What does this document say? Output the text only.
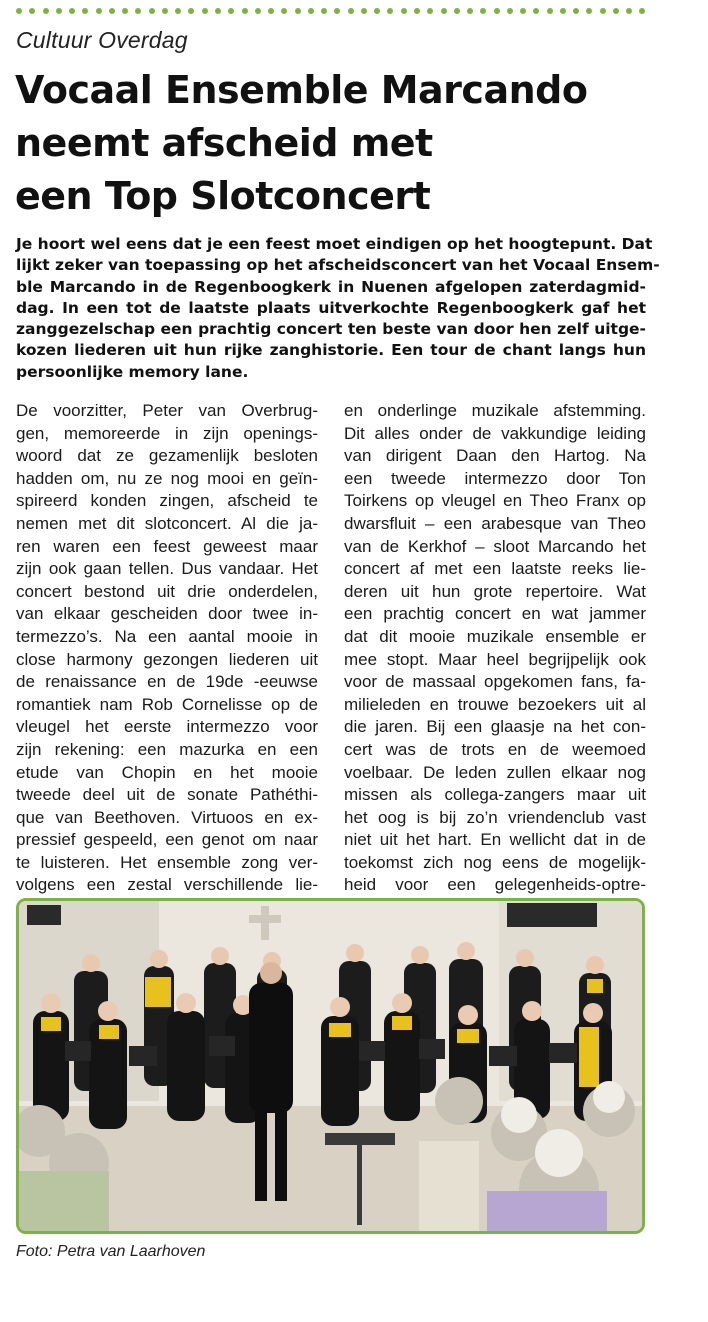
Cultuur Overdag
Vocaal Ensemble Marcando
neemt afscheid met
een Top Slotconcert
Je hoort wel eens dat je een feest moet eindigen op het hoogtepunt. Dat
lijkt zeker van toepassing op het afscheidsconcert van het Vocaal Ensem-
ble Marcando in de Regenboogkerk in Nuenen afgelopen zaterdagmid-
dag. In een tot de laatste plaats uitverkochte Regenboogkerk gaf het
zanggezelschap een prachtig concert ten beste van door hen zelf uitge-
kozen liederen uit hun rijke zanghistorie. Een tour de chant langs hun
persoonlijke memory lane.
De voorzitter, Peter van Overbrug-
gen, memoreerde in zijn openings-
woord dat ze gezamenlijk besloten
hadden om, nu ze nog mooi en geïn-
spireerd konden zingen, afscheid te
nemen met dit slotconcert. Al die ja-
ren waren een feest geweest maar
zijn ook gaan tellen. Dus vandaar. Het
concert bestond uit drie onderdelen,
van elkaar gescheiden door twee in-
termezzo’s. Na een aantal mooie in
close harmony gezongen liederen uit
de renaissance en de 19de -eeuwse
romantiek nam Rob Cornelisse op de
vleugel het eerste intermezzo voor
zijn rekening: een mazurka en een
etude van Chopin en het mooie
tweede deel uit de sonate Pathéthi-
que van Beethoven. Virtuoos en ex-
pressief gespeeld, een genot om naar
te luisteren. Het ensemble zong ver-
volgens een zestal verschillende lie-
en onderlinge muzikale afstemming.
Dit alles onder de vakkundige leiding
van dirigent Daan den Hartog. Na
een tweede intermezzo door Ton
Toirkens op vleugel en Theo Franx op
dwarsfluit – een arabesque van Theo
van de Kerkhof – sloot Marcando het
concert af met een laatste reeks lie-
deren uit hun grote repertoire. Wat
een prachtig concert en wat jammer
dat dit mooie muzikale ensemble er
mee stopt. Maar heel begrijpelijk ook
voor de massaal opgekomen fans, fa-
milieleden en trouwe bezoekers uit al
die jaren. Bij een glaasje na het con-
cert was de trots en de weemoed
voelbaar. De leden zullen elkaar nog
missen als collega-zangers maar uit
het oog is bij zo’n vriendenclub vast
niet uit het hart. En wellicht dat in de
toekomst zich nog eens de mogelijk-
heid voor een gelegenheids-optre-
Foto: Petra van Laarhoven
